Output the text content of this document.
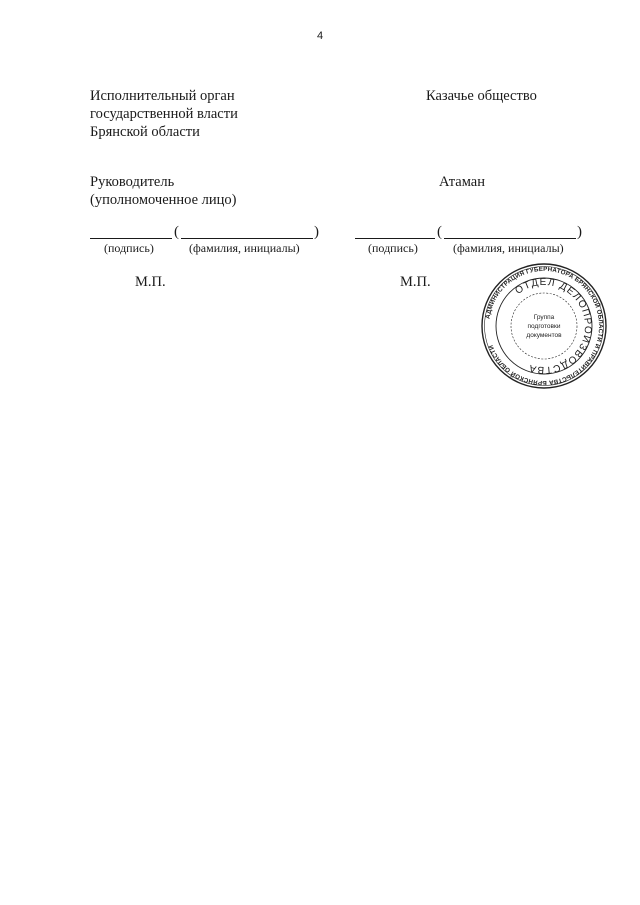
4
Исполнительный орган
государственной власти
Брянской области
Казачье общество
Руководитель
(уполномоченное лицо)
Атаман
(	)
(подпись)	(фамилия, инициалы)
(	)
(подпись)	(фамилия, инициалы)
М.П.	М.П.
АДМИНИСТРАЦИЯ ГУБЕРНАТОРА БРЯНСКОЙ ОБЛАСТИ И ПРАВИТЕЛЬСТВА БРЯНСКОЙ ОБЛАСТИ
ОТДЕЛ ДЕЛОПРОИЗВОДСТВА
Группа
подготовки
документов
